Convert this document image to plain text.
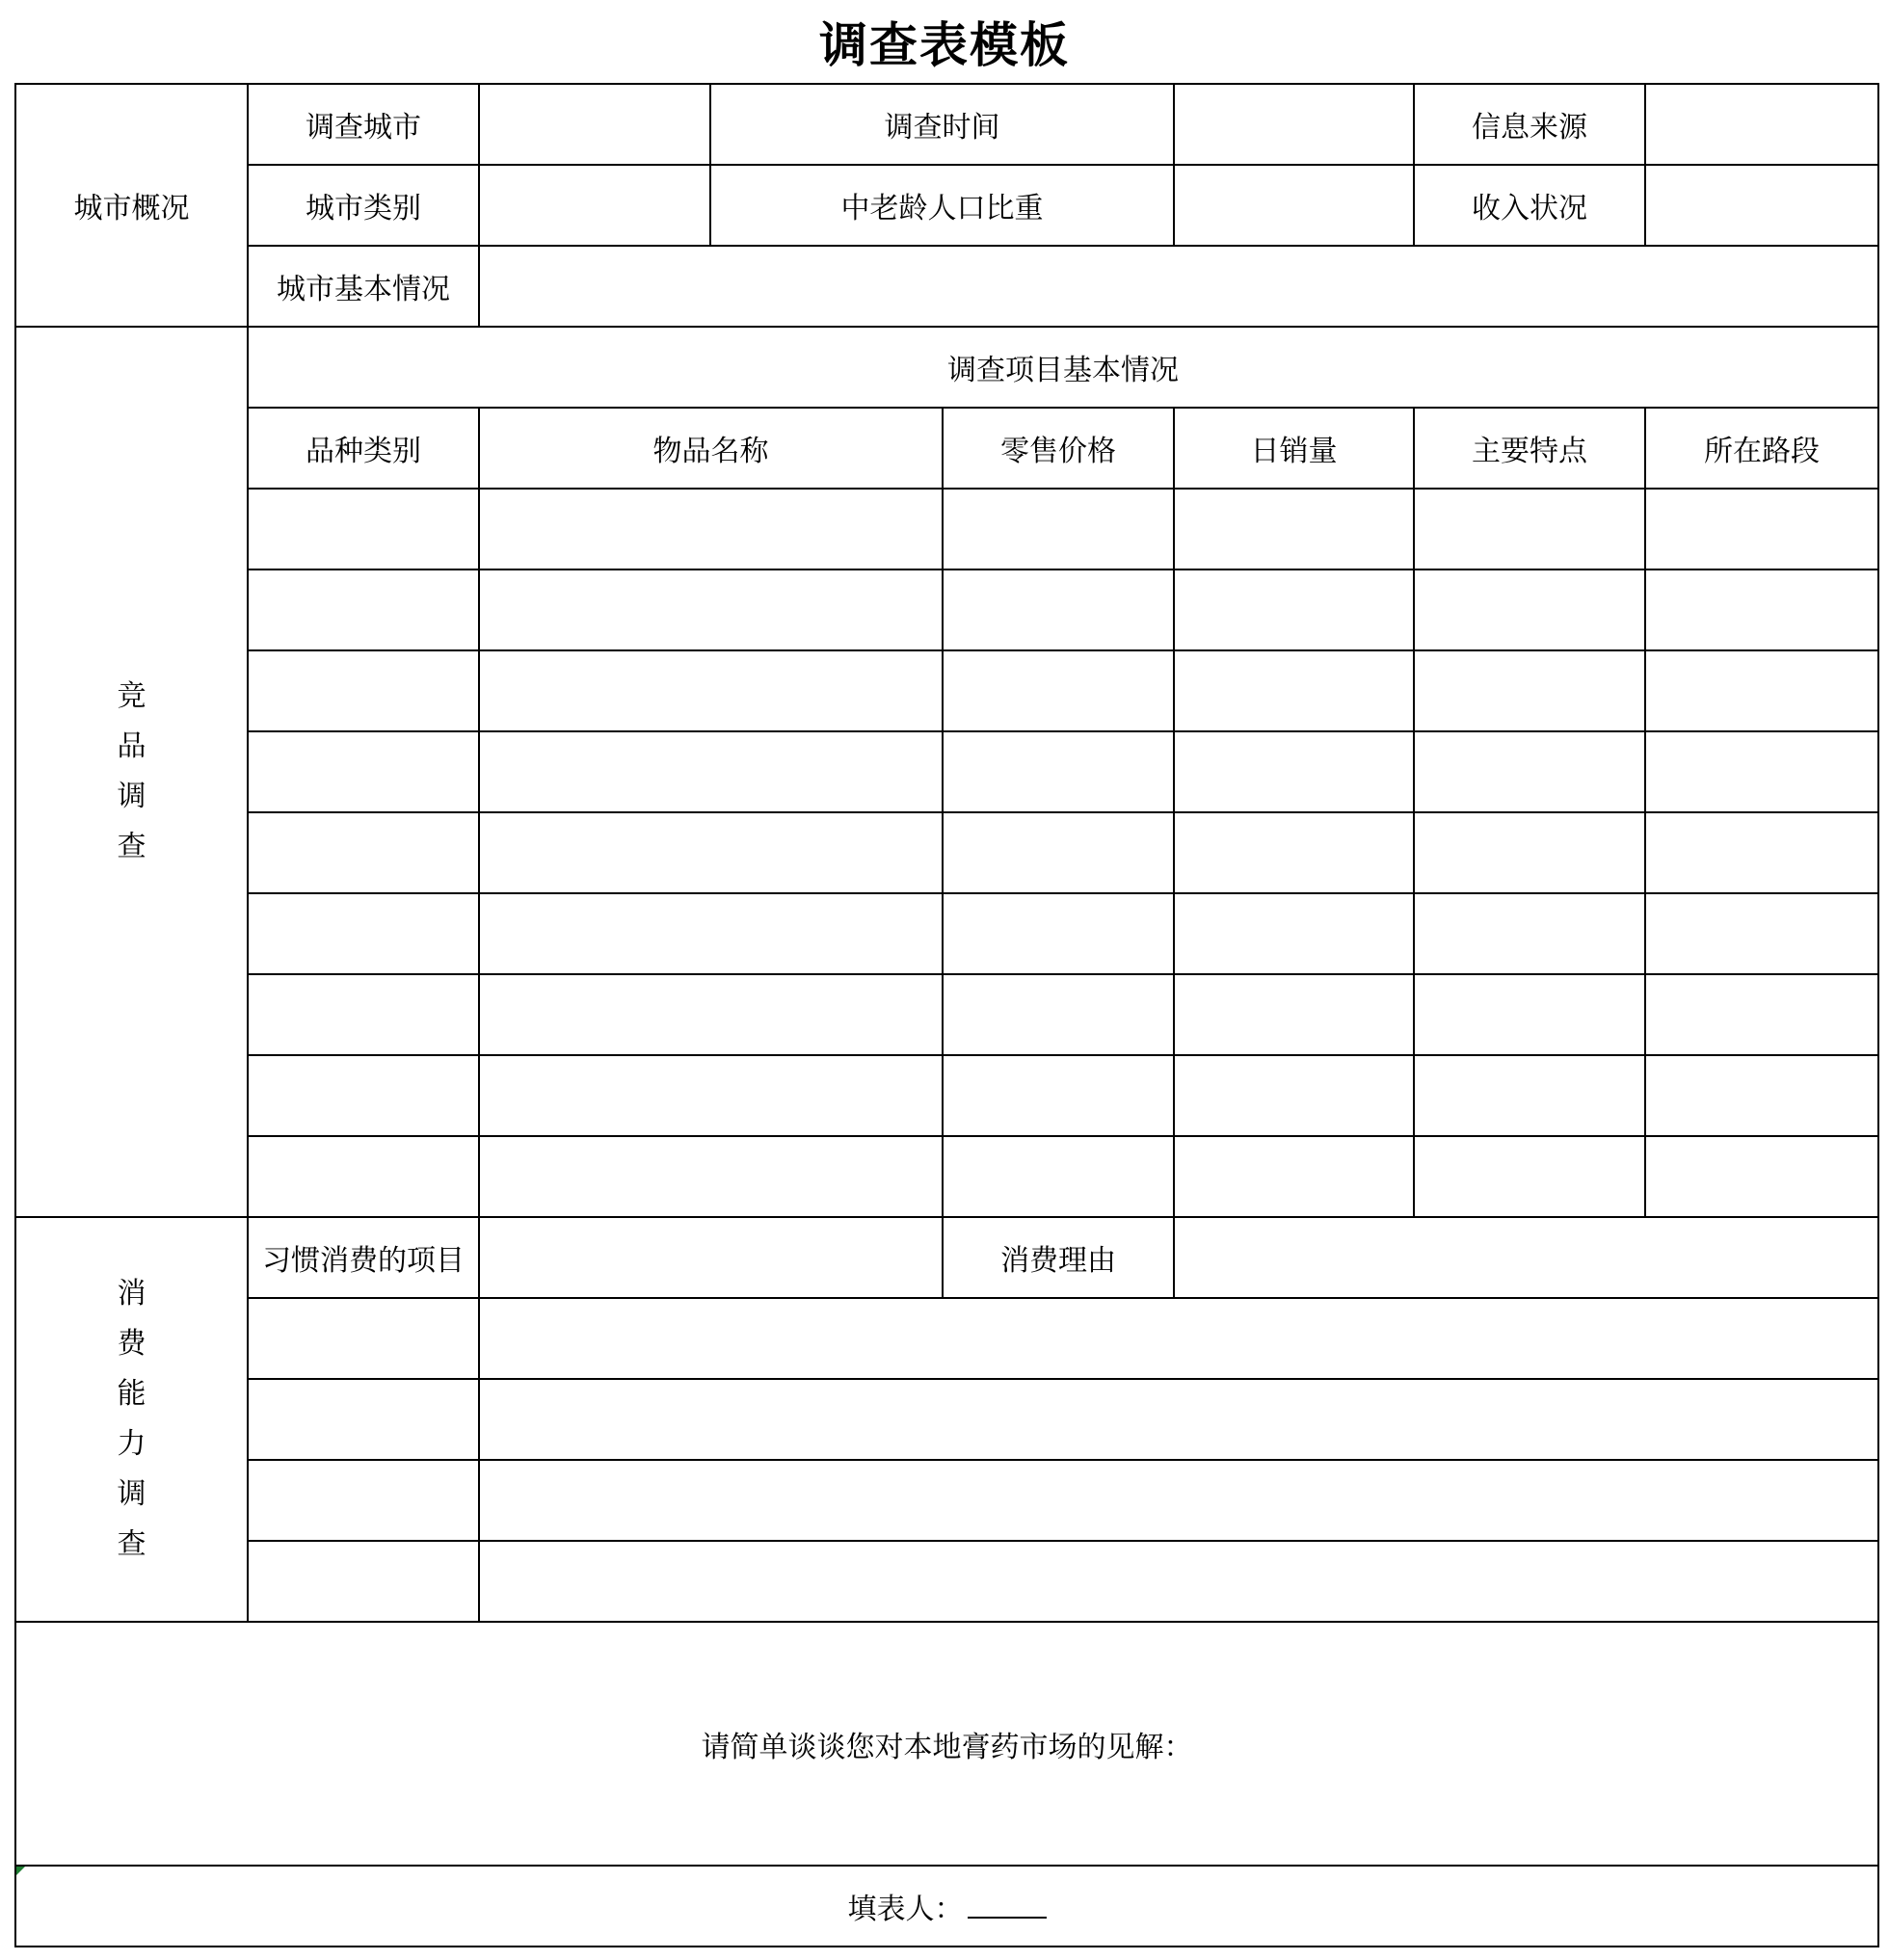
调查表模板
城市概况	调查城市		调查时间			信息来源	
	城市类别		中老龄人口比重			收入状况	
	城市基本情况						
竞品调查	调查项目基本情况						
	品种类别	物品名称		零售价格	日销量	主要特点	所在路段

消费能力调查	习惯消费的项目			消费理由			

请简单谈谈您对本地膏药市场的见解：							

填表人：							
